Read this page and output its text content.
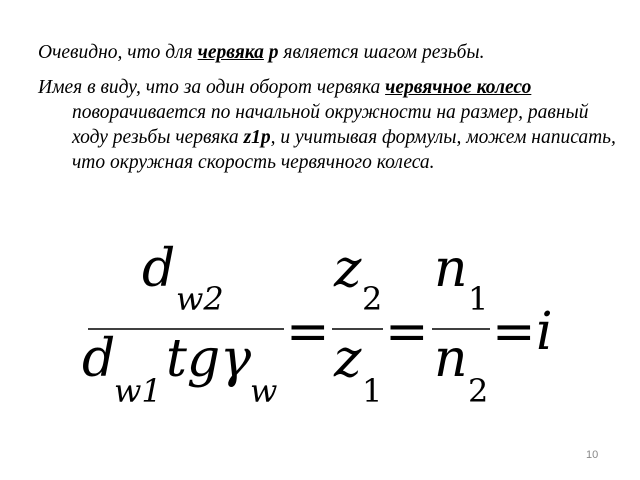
Очевидно, что для червяка p является шагом резьбы.
Имея в виду, что за один оборот червяка червячное колесо поворачивается по начальной окружности на размер, равный ходу резьбы червяка z1p, и учитывая формулы, можем написать, что окружная скорость червячного колеса.
d w2
d
w1
tg γ
w
=
z 2
z
1
=
n 1
n
2
= i
10
